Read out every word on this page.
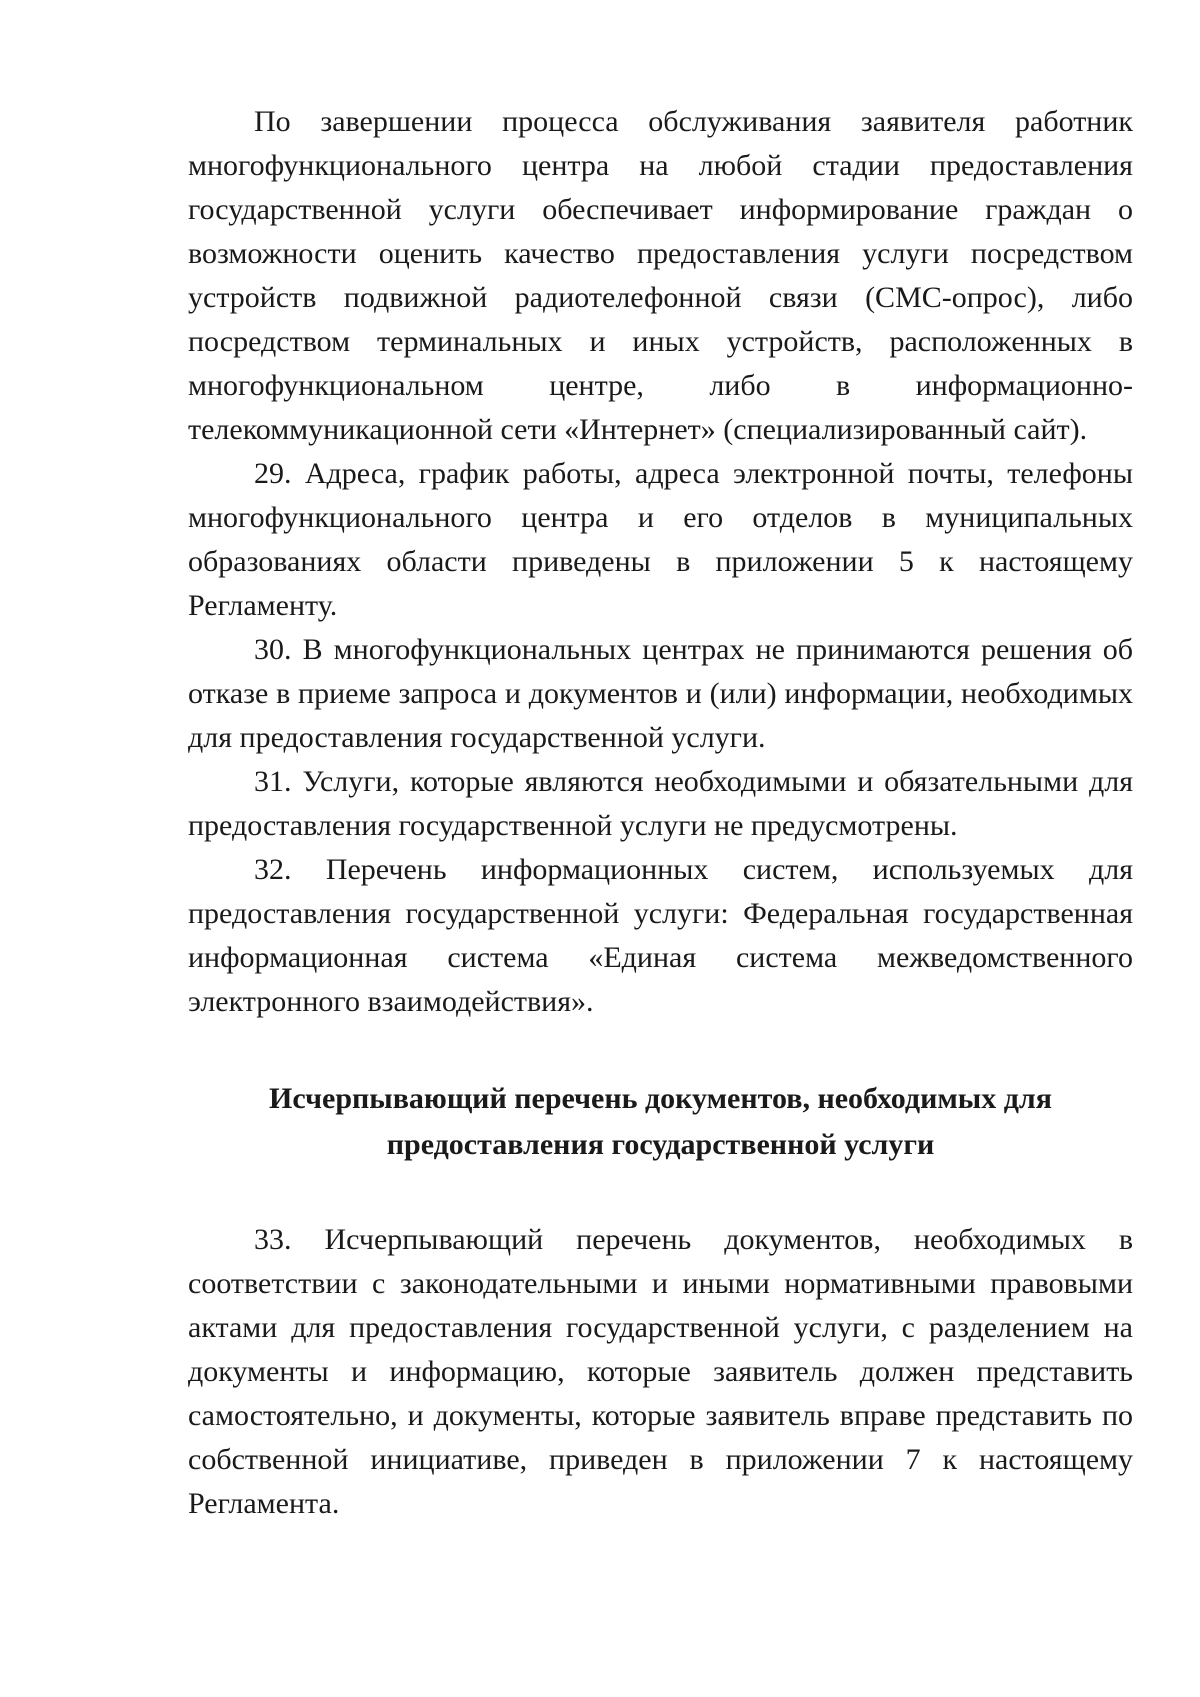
По завершении процесса обслуживания заявителя работник многофункционального центра на любой стадии предоставления государственной услуги обеспечивает информирование граждан о возможности оценить качество предоставления услуги посредством устройств подвижной радиотелефонной связи (СМС-опрос), либо посредством терминальных и иных устройств, расположенных в многофункциональном центре, либо в информационно-телекоммуникационной сети «Интернет» (специализированный сайт).

29. Адреса, график работы, адреса электронной почты, телефоны многофункционального центра и его отделов в муниципальных образованиях области приведены в приложении 5 к настоящему Регламенту.

30. В многофункциональных центрах не принимаются решения об отказе в приеме запроса и документов и (или) информации, необходимых для предоставления государственной услуги.

31. Услуги, которые являются необходимыми и обязательными для предоставления государственной услуги не предусмотрены.

32. Перечень информационных систем, используемых для предоставления государственной услуги: Федеральная государственная информационная система «Единая система межведомственного электронного взаимодействия».

Исчерпывающий перечень документов, необходимых для
предоставления государственной услуги

33. Исчерпывающий перечень документов, необходимых в соответствии с законодательными и иными нормативными правовыми актами для предоставления государственной услуги, с разделением на документы и информацию, которые заявитель должен представить самостоятельно, и документы, которые заявитель вправе представить по собственной инициативе, приведен в приложении 7 к настоящему Регламента.
